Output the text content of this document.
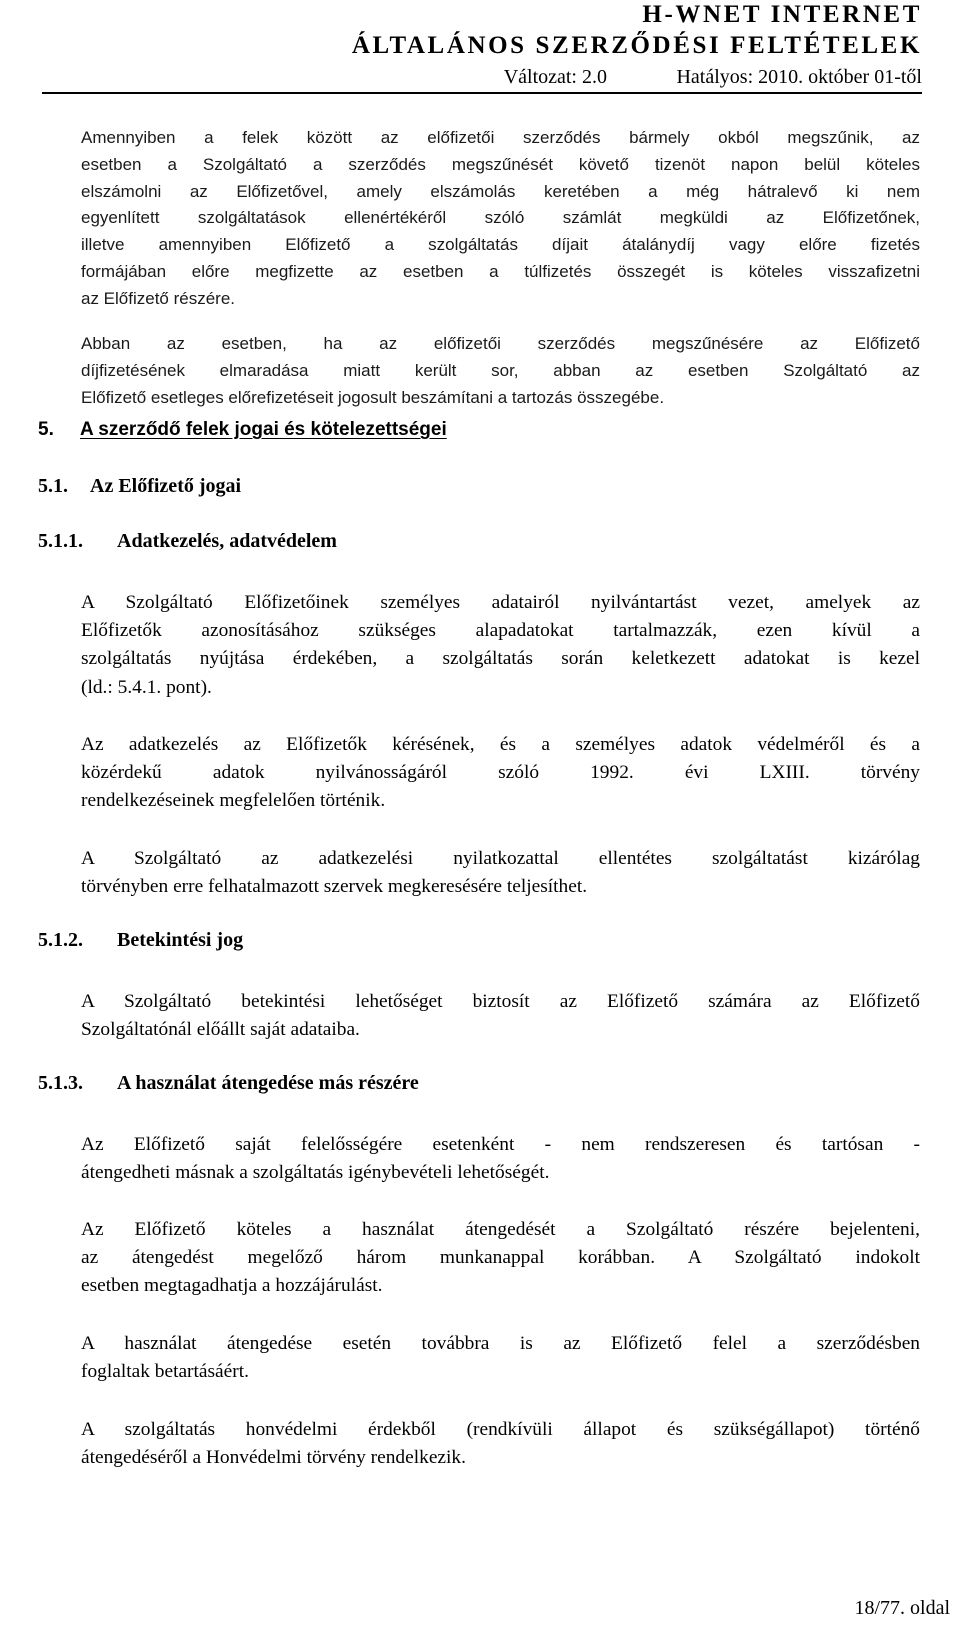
H-WNET INTERNET
ÁLTALÁNOS SZERZŐDÉSI FELTÉTELEK
Változat: 2.0	Hatályos: 2010. október 01-től
Amennyiben a felek között az előfizetői szerződés bármely okból megszűnik, az
esetben a Szolgáltató a szerződés megszűnését követő tizenöt napon belül köteles
elszámolni az Előfizetővel, amely elszámolás keretében a még hátralevő ki nem
egyenlített szolgáltatások ellenértékéről szóló számlát megküldi az Előfizetőnek,
illetve amennyiben Előfizető a szolgáltatás díjait átalánydíj vagy előre fizetés
formájában előre megfizette az esetben a túlfizetés összegét is köteles visszafizetni
az Előfizető részére.
Abban az esetben, ha az előfizetői szerződés megszűnésére az Előfizető
díjfizetésének elmaradása miatt került sor, abban az esetben Szolgáltató az
Előfizető esetleges előrefizetéseit jogosult beszámítani a tartozás összegébe.
5. A szerződő felek jogai és kötelezettségei
5.1. Az Előfizető jogai
5.1.1. Adatkezelés, adatvédelem
A Szolgáltató Előfizetőinek személyes adatairól nyilvántartást vezet, amelyek az
Előfizetők azonosításához szükséges alapadatokat tartalmazzák, ezen kívül a
szolgáltatás nyújtása érdekében, a szolgáltatás során keletkezett adatokat is kezel
(ld.: 5.4.1. pont).
Az adatkezelés az Előfizetők kérésének, és a személyes adatok védelméről és a
közérdekű adatok nyilvánosságáról szóló 1992. évi LXIII. törvény
rendelkezéseinek megfelelően történik.
A Szolgáltató az adatkezelési nyilatkozattal ellentétes szolgáltatást kizárólag
törvényben erre felhatalmazott szervek megkeresésére teljesíthet.
5.1.2. Betekintési jog
A Szolgáltató betekintési lehetőséget biztosít az Előfizető számára az Előfizető
Szolgáltatónál előállt saját adataiba.
5.1.3. A használat átengedése más részére
Az Előfizető saját felelősségére esetenként - nem rendszeresen és tartósan -
átengedheti másnak a szolgáltatás igénybevételi lehetőségét.
Az Előfizető köteles a használat átengedését a Szolgáltató részére bejelenteni,
az átengedést megelőző három munkanappal korábban. A Szolgáltató indokolt
esetben megtagadhatja a hozzájárulást.
A használat átengedése esetén továbbra is az Előfizető felel a szerződésben
foglaltak betartásáért.
A szolgáltatás honvédelmi érdekből (rendkívüli állapot és szükségállapot) történő
átengedéséről a Honvédelmi törvény rendelkezik.
18/77. oldal
